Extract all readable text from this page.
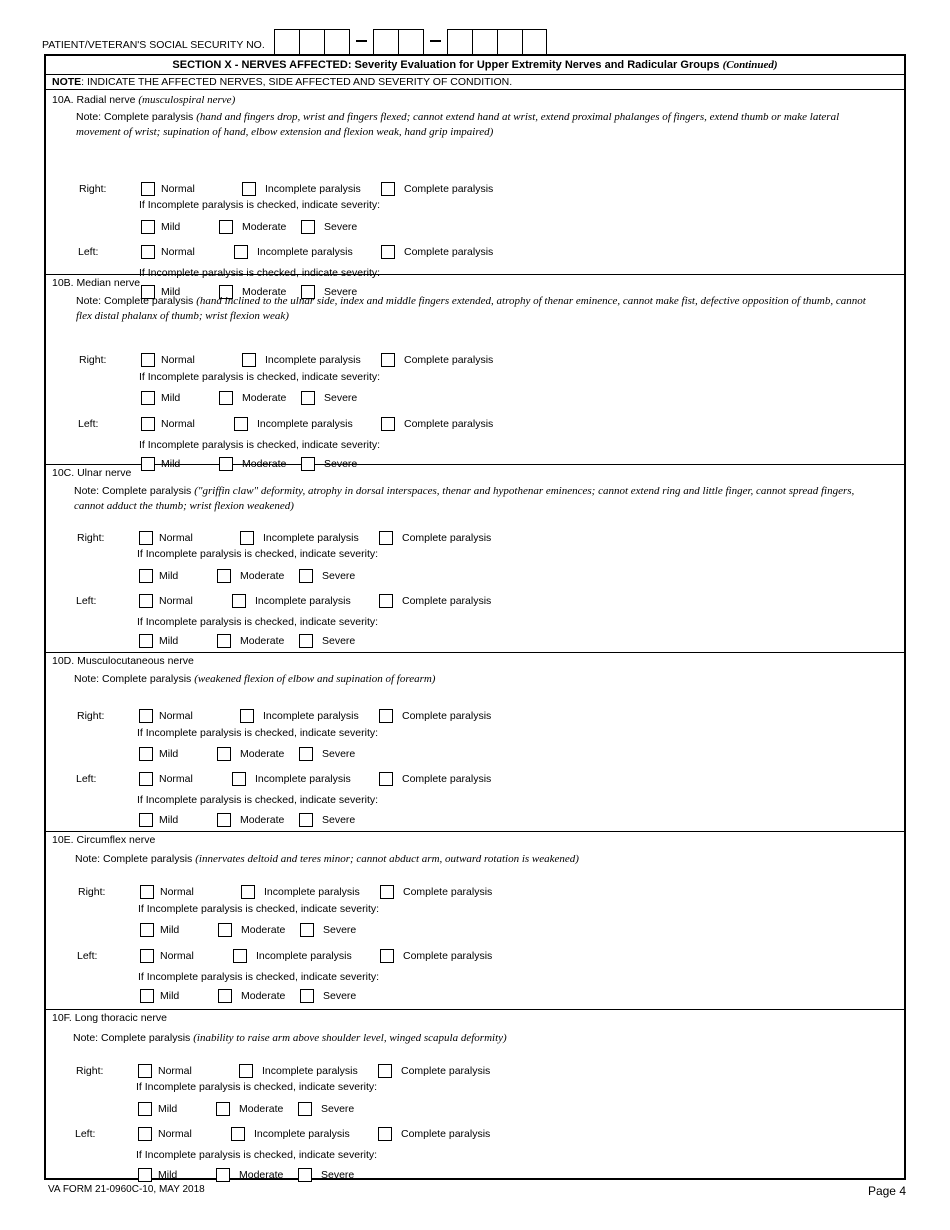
PATIENT/VETERAN'S SOCIAL SECURITY NO.
SECTION X - NERVES AFFECTED: Severity Evaluation for Upper Extremity Nerves and Radicular Groups (Continued)
NOTE: INDICATE THE AFFECTED NERVES, SIDE AFFECTED AND SEVERITY OF CONDITION.
10A. Radial nerve (musculospiral nerve)
Note: Complete paralysis (hand and fingers drop, wrist and fingers flexed; cannot extend hand at wrist, extend proximal phalanges of fingers, extend thumb or make lateral movement of wrist; supination of hand, elbow extension and flexion weak, hand grip impaired)
Right:	Normal	Incomplete paralysis	Complete paralysis
If Incomplete paralysis is checked, indicate severity:
Mild	Moderate	Severe
Left:	Normal	Incomplete paralysis	Complete paralysis
If Incomplete paralysis is checked, indicate severity:
Mild	Moderate	Severe
10B. Median nerve
Note: Complete paralysis (hand inclined to the ulnar side, index and middle fingers extended, atrophy of thenar eminence, cannot make fist, defective opposition of thumb, cannot flex distal phalanx of thumb; wrist flexion weak)
Right:	Normal	Incomplete paralysis	Complete paralysis
If Incomplete paralysis is checked, indicate severity:
Mild	Moderate	Severe
Left:	Normal	Incomplete paralysis	Complete paralysis
If Incomplete paralysis is checked, indicate severity:
Mild	Moderate	Severe
10C. Ulnar nerve
Note: Complete paralysis ("griffin claw" deformity, atrophy in dorsal interspaces, thenar and hypothenar eminences; cannot extend ring and little finger, cannot spread fingers, cannot adduct the thumb; wrist flexion weakened)
Right:	Normal	Incomplete paralysis	Complete paralysis
If Incomplete paralysis is checked, indicate severity:
Mild	Moderate	Severe
Left:	Normal	Incomplete paralysis	Complete paralysis
If Incomplete paralysis is checked, indicate severity:
Mild	Moderate	Severe
10D. Musculocutaneous nerve
Note: Complete paralysis (weakened flexion of elbow and supination of forearm)
Right:	Normal	Incomplete paralysis	Complete paralysis
If Incomplete paralysis is checked, indicate severity:
Mild	Moderate	Severe
Left:	Normal	Incomplete paralysis	Complete paralysis
If Incomplete paralysis is checked, indicate severity:
Mild	Moderate	Severe
10E. Circumflex nerve
Note: Complete paralysis (innervates deltoid and teres minor; cannot abduct arm, outward rotation is weakened)
Right:	Normal	Incomplete paralysis	Complete paralysis
If Incomplete paralysis is checked, indicate severity:
Mild	Moderate	Severe
Left:	Normal	Incomplete paralysis	Complete paralysis
If Incomplete paralysis is checked, indicate severity:
Mild	Moderate	Severe
10F. Long thoracic nerve
Note: Complete paralysis (inability to raise arm above shoulder level, winged scapula deformity)
Right:	Normal	Incomplete paralysis	Complete paralysis
If Incomplete paralysis is checked, indicate severity:
Mild	Moderate	Severe
Left:	Normal	Incomplete paralysis	Complete paralysis
If Incomplete paralysis is checked, indicate severity:
Mild	Moderate	Severe
VA FORM 21-0960C-10, MAY 2018	Page 4
